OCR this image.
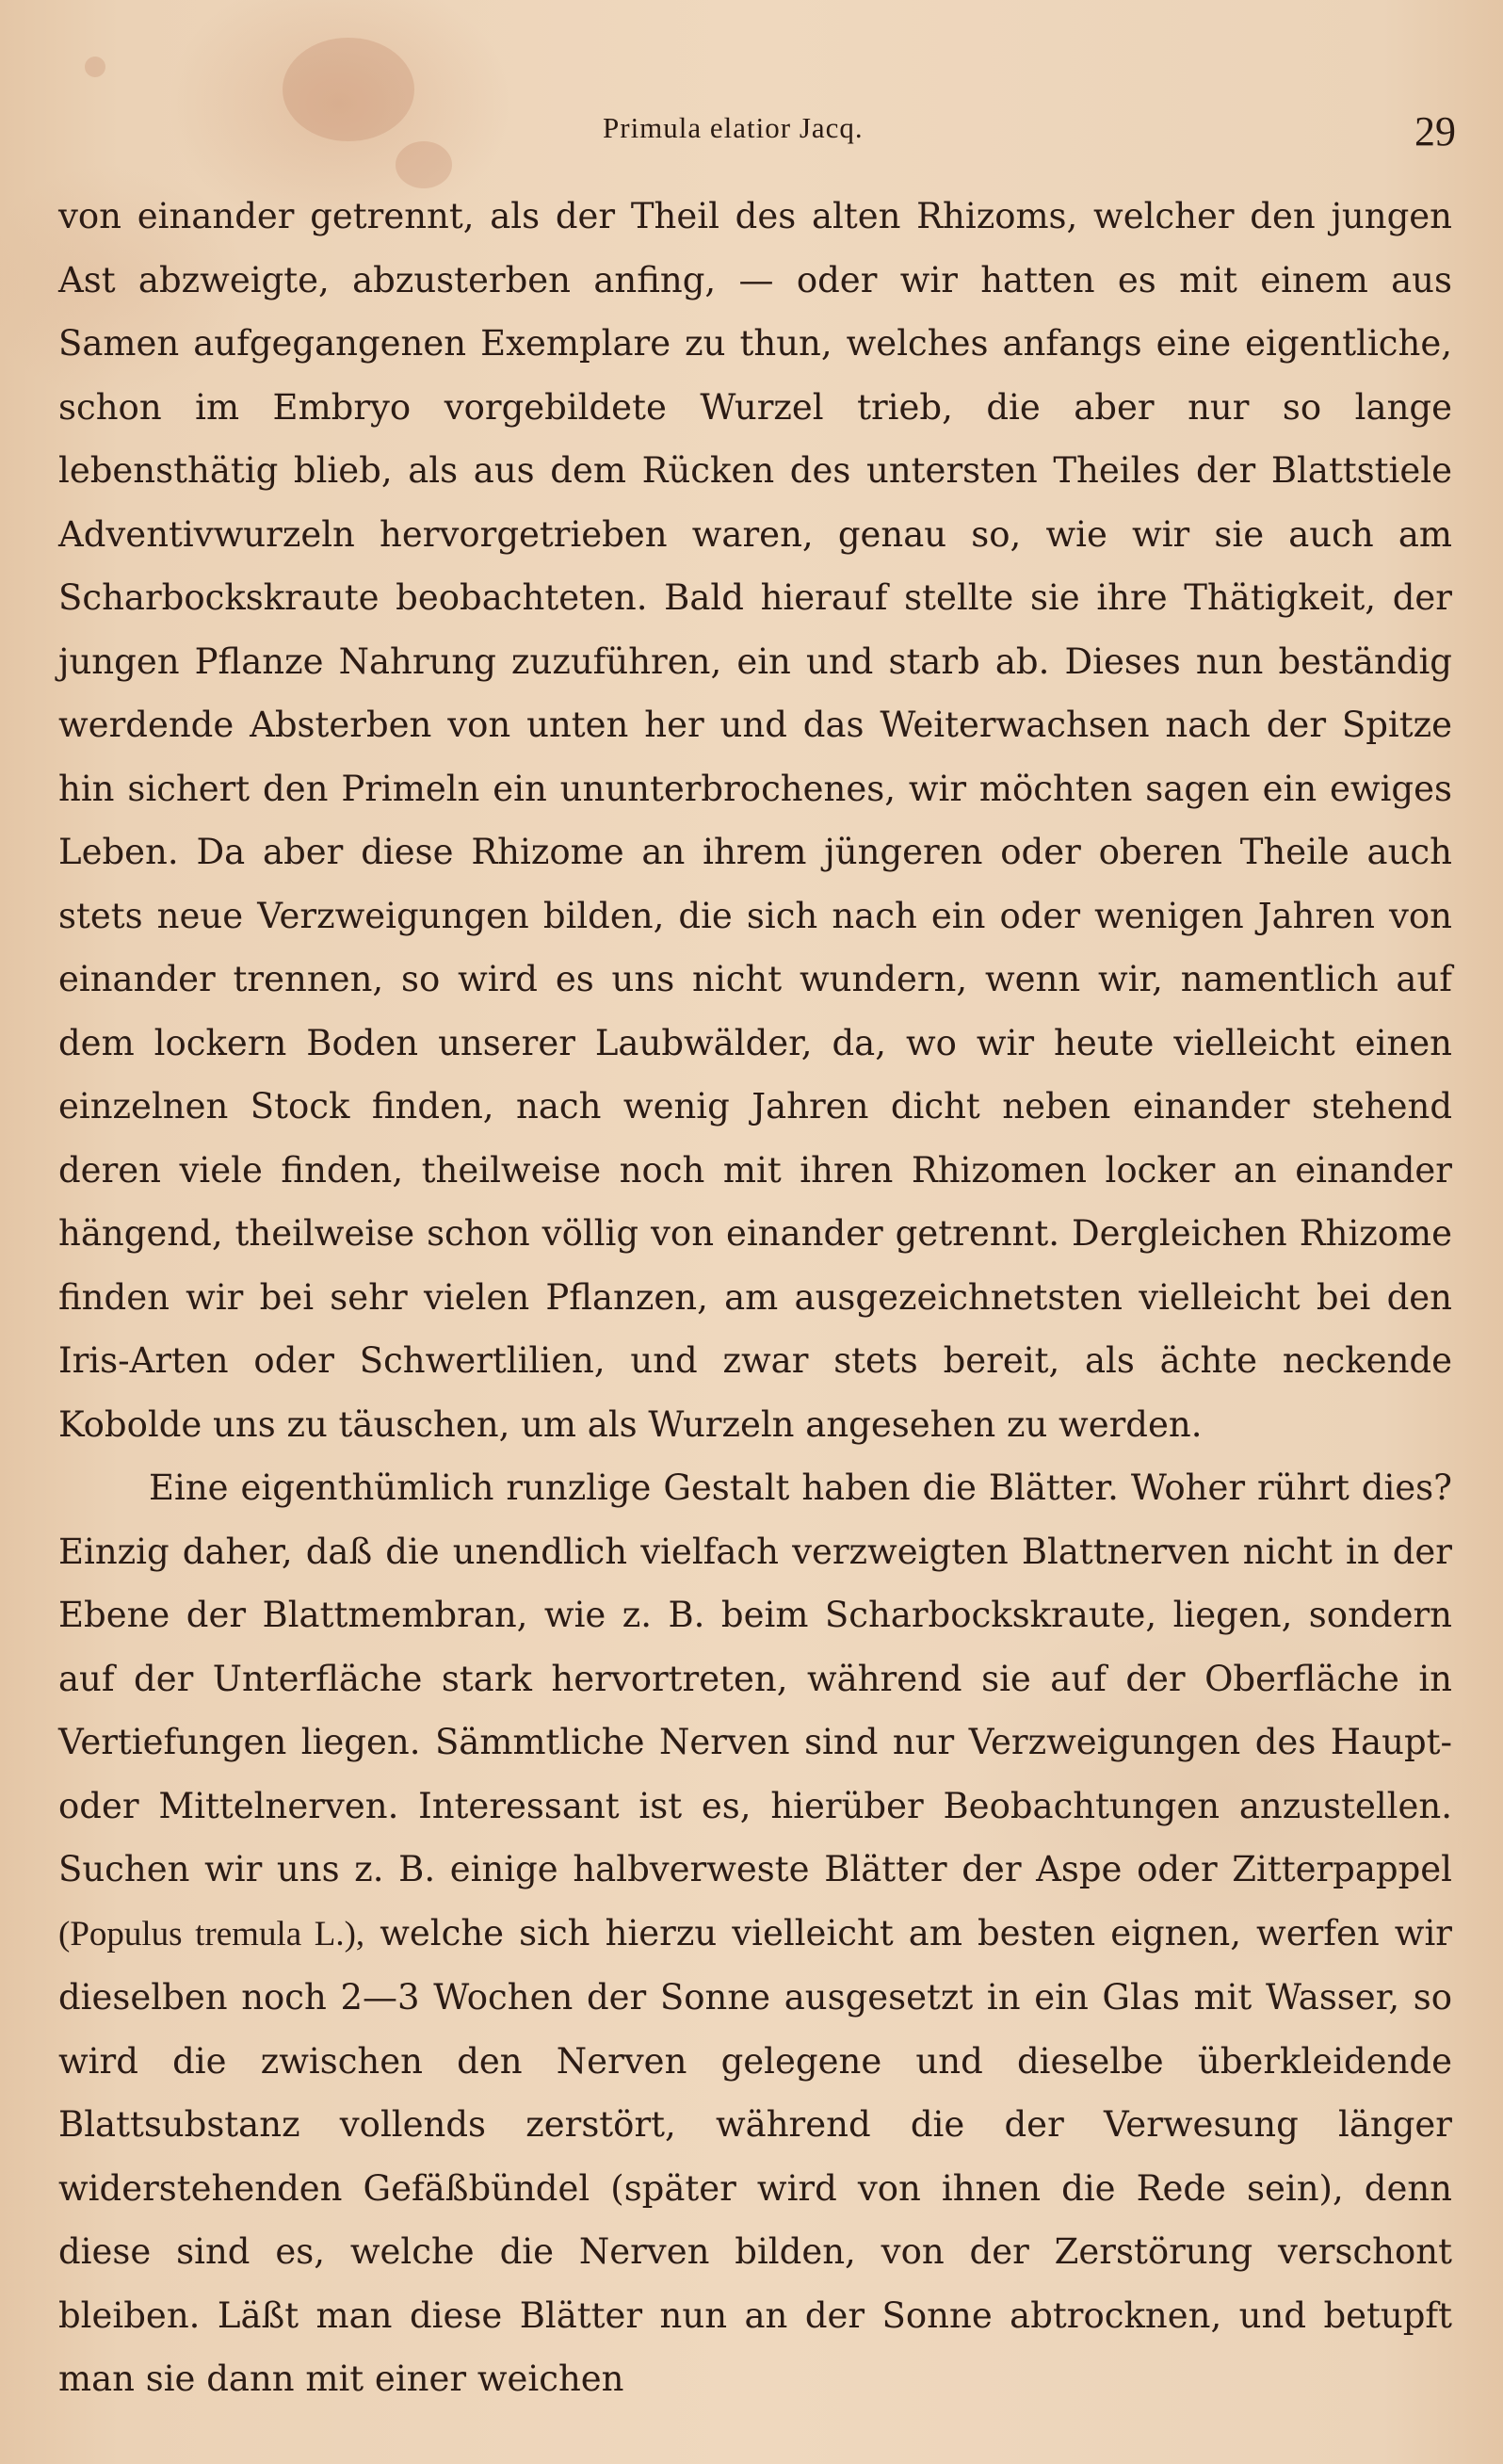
Primula elatior Jacq.	29

von einander getrennt, als der Theil des alten Rhizoms, welcher den jungen Ast abzweigte, abzusterben anfing, — oder wir hatten es mit einem aus Samen aufgegangenen Exemplare zu thun, welches anfangs eine eigentliche, schon im Embryo vorgebildete Wurzel trieb, die aber nur so lange lebensthätig blieb, als aus dem Rücken des untersten Theiles der Blattstiele Adventivwurzeln hervorgetrieben waren, genau so, wie wir sie auch am Scharbockskraute beobachteten. Bald hierauf stellte sie ihre Thätigkeit, der jungen Pflanze Nahrung zuzuführen, ein und starb ab. Dieses nun beständig werdende Absterben von unten her und das Weiterwachsen nach der Spitze hin sichert den Primeln ein ununterbrochenes, wir möchten sagen ein ewiges Leben. Da aber diese Rhizome an ihrem jüngeren oder oberen Theile auch stets neue Verzweigungen bilden, die sich nach ein oder wenigen Jahren von einander trennen, so wird es uns nicht wundern, wenn wir, namentlich auf dem lockern Boden unserer Laubwälder, da, wo wir heute vielleicht einen einzelnen Stock finden, nach wenig Jahren dicht neben einander stehend deren viele finden, theilweise noch mit ihren Rhizomen locker an einander hängend, theilweise schon völlig von einander getrennt. Dergleichen Rhizome finden wir bei sehr vielen Pflanzen, am ausgezeichnetsten vielleicht bei den Iris-Arten oder Schwertlilien, und zwar stets bereit, als ächte neckende Kobolde uns zu täuschen, um als Wurzeln angesehen zu werden.

Eine eigenthümlich runzlige Gestalt haben die Blätter. Woher rührt dies? Einzig daher, daß die unendlich vielfach verzweigten Blattnerven nicht in der Ebene der Blattmembran, wie z. B. beim Scharbockskraute, liegen, sondern auf der Unterfläche stark hervortreten, während sie auf der Oberfläche in Vertiefungen liegen. Sämmtliche Nerven sind nur Verzweigungen des Haupt- oder Mittelnerven. Interessant ist es, hierüber Beobachtungen anzustellen. Suchen wir uns z. B. einige halbverweste Blätter der Aspe oder Zitterpappel (Populus tremula L.), welche sich hierzu vielleicht am besten eignen, werfen wir dieselben noch 2—3 Wochen der Sonne ausgesetzt in ein Glas mit Wasser, so wird die zwischen den Nerven gelegene und dieselbe überkleidende Blattsubstanz vollends zerstört, während die der Verwesung länger widerstehenden Gefäßbündel (später wird von ihnen die Rede sein), denn diese sind es, welche die Nerven bilden, von der Zerstörung verschont bleiben. Läßt man diese Blätter nun an der Sonne abtrocknen, und betupft man sie dann mit einer weichen
